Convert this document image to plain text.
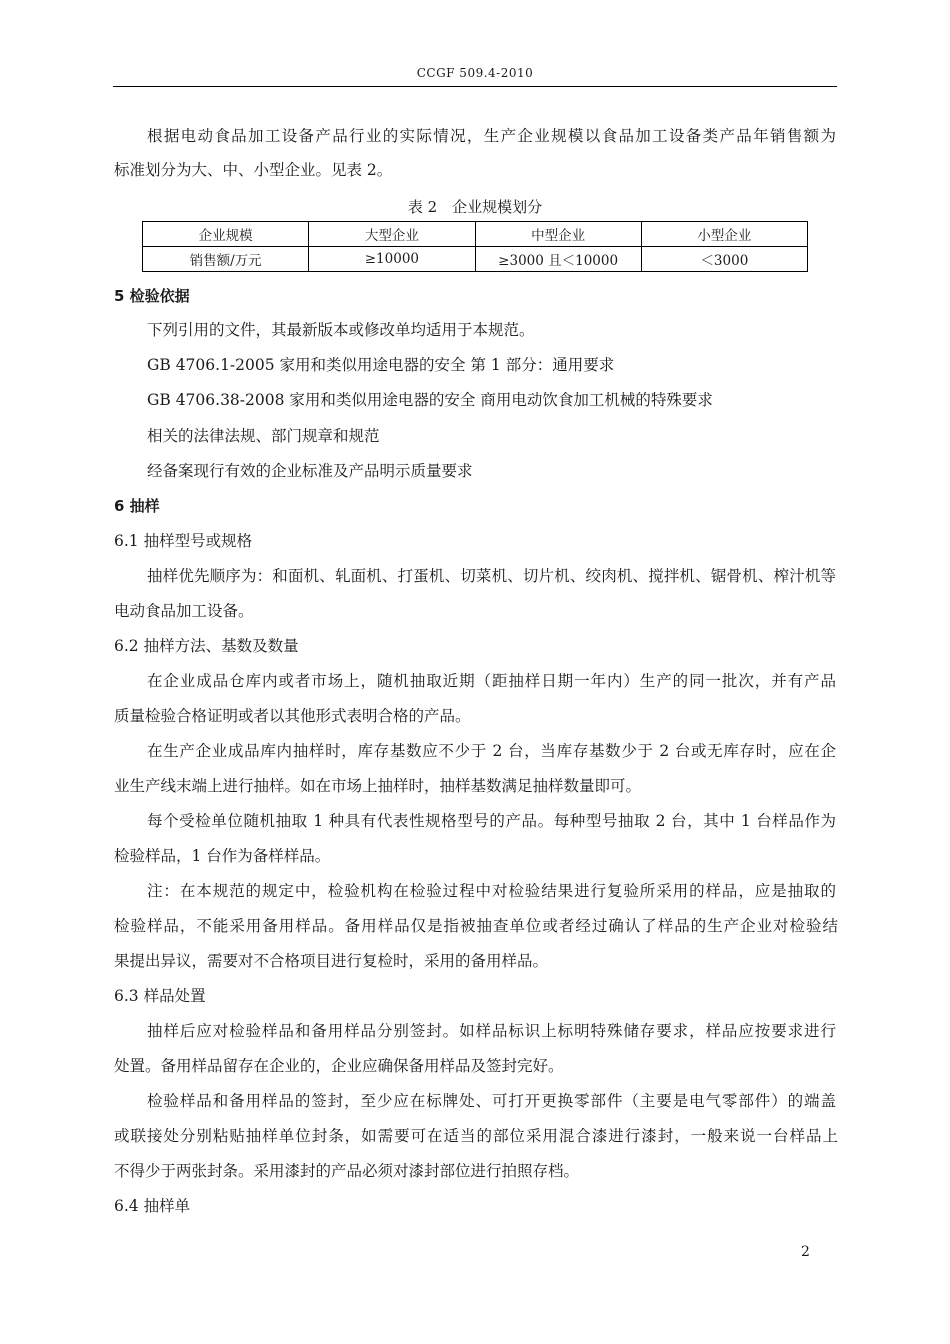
CCGF 509.4-2010
根据电动食品加工设备产品行业的实际情况，生产企业规模以食品加工设备类产品年销售额为
标准划分为大、中、小型企业。见表 2。
表 2　企业规模划分
企业规模	大型企业	中型企业	小型企业
销售额/万元	≥10000	≥3000 且＜10000	＜3000
5 检验依据
下列引用的文件，其最新版本或修改单均适用于本规范。
GB 4706.1-2005 家用和类似用途电器的安全 第 1 部分：通用要求
GB 4706.38-2008 家用和类似用途电器的安全 商用电动饮食加工机械的特殊要求
相关的法律法规、部门规章和规范
经备案现行有效的企业标准及产品明示质量要求
6 抽样
6.1 抽样型号或规格
抽样优先顺序为：和面机、轧面机、打蛋机、切菜机、切片机、绞肉机、搅拌机、锯骨机、榨汁机等
电动食品加工设备。
6.2 抽样方法、基数及数量
在企业成品仓库内或者市场上，随机抽取近期（距抽样日期一年内）生产的同一批次，并有产品
质量检验合格证明或者以其他形式表明合格的产品。
在生产企业成品库内抽样时，库存基数应不少于 2 台，当库存基数少于 2 台或无库存时，应在企
业生产线末端上进行抽样。如在市场上抽样时，抽样基数满足抽样数量即可。
每个受检单位随机抽取 1 种具有代表性规格型号的产品。每种型号抽取 2 台，其中 1 台样品作为
检验样品，1 台作为备样样品。
注：在本规范的规定中，检验机构在检验过程中对检验结果进行复验所采用的样品，应是抽取的
检验样品，不能采用备用样品。备用样品仅是指被抽查单位或者经过确认了样品的生产企业对检验结
果提出异议，需要对不合格项目进行复检时，采用的备用样品。
6.3 样品处置
抽样后应对检验样品和备用样品分别签封。如样品标识上标明特殊储存要求，样品应按要求进行
处置。备用样品留存在企业的，企业应确保备用样品及签封完好。
检验样品和备用样品的签封，至少应在标牌处、可打开更换零部件（主要是电气零部件）的端盖
或联接处分别粘贴抽样单位封条，如需要可在适当的部位采用混合漆进行漆封，一般来说一台样品上
不得少于两张封条。采用漆封的产品必须对漆封部位进行拍照存档。
6.4 抽样单
2
